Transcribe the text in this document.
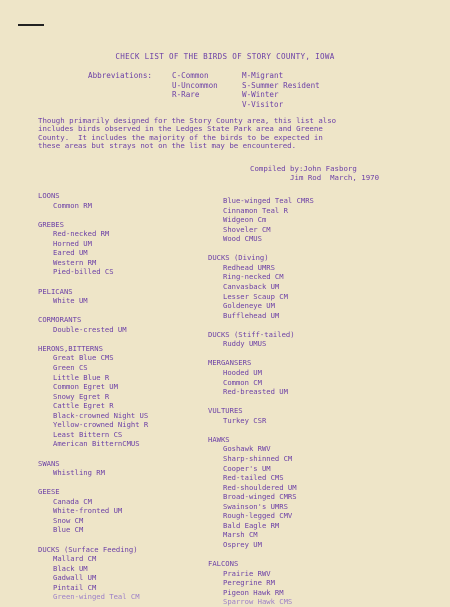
CHECK LIST OF THE BIRDS OF STORY COUNTY, IOWA
Abbreviations:	C-Common
U-Uncommon
R-Rare
M-Migrant
S-Summer Resident
W-Winter
V-Visitor
Though primarily designed for the Story County area, this list also
includes birds observed in the Ledges State Park area and Greene
County.  It includes the majority of the birds to be expected in
these areas but strays not on the list may be encountered.
Compiled by:John Fasborg
Jim Rod  March, 1970
LOONS
Common RM
GREBES
Red-necked RM
Horned UM
Eared UM
Western RM
Pied-billed CS
PELICANS
White UM
CORMORANTS
Double-crested UM
HERONS,BITTERNS
Great Blue CMS
Green CS
Little Blue R
Common Egret UM
Snowy Egret R
Cattle Egret R
Black-crowned Night US
Yellow-crowned Night R
Least Bittern CS
American BitternCMUS
SWANS
Whistling RM
GEESE
Canada CM
White-fronted UM
Snow CM
Blue CM
DUCKS (Surface Feeding)
Mallard CM
Black UM
Gadwall UM
Pintail CM
Green-winged Teal CM
Blue-winged Teal CMRS
Cinnamon Teal R
Widgeon Cm
Shoveler CM
Wood CMUS
DUCKS (Diving)
Redhead UMRS
Ring-necked CM
Canvasback UM
Lesser Scaup CM
Goldeneye UM
Bufflehead UM
DUCKS (Stiff-tailed)
Ruddy UMUS
MERGANSERS
Hooded UM
Common CM
Red-breasted UM
VULTURES
Turkey CSR
HAWKS
Goshawk RWV
Sharp-shinned CM
Cooper's UM
Red-tailed CMS
Red-shouldered UM
Broad-winged CMRS
Swainson's UMRS
Rough-legged CMV
Bald Eagle RM
Marsh CM
Osprey UM
FALCONS
Prairie RWV
Peregrine RM
Pigeon Hawk RM
Sparrow Hawk CMS
